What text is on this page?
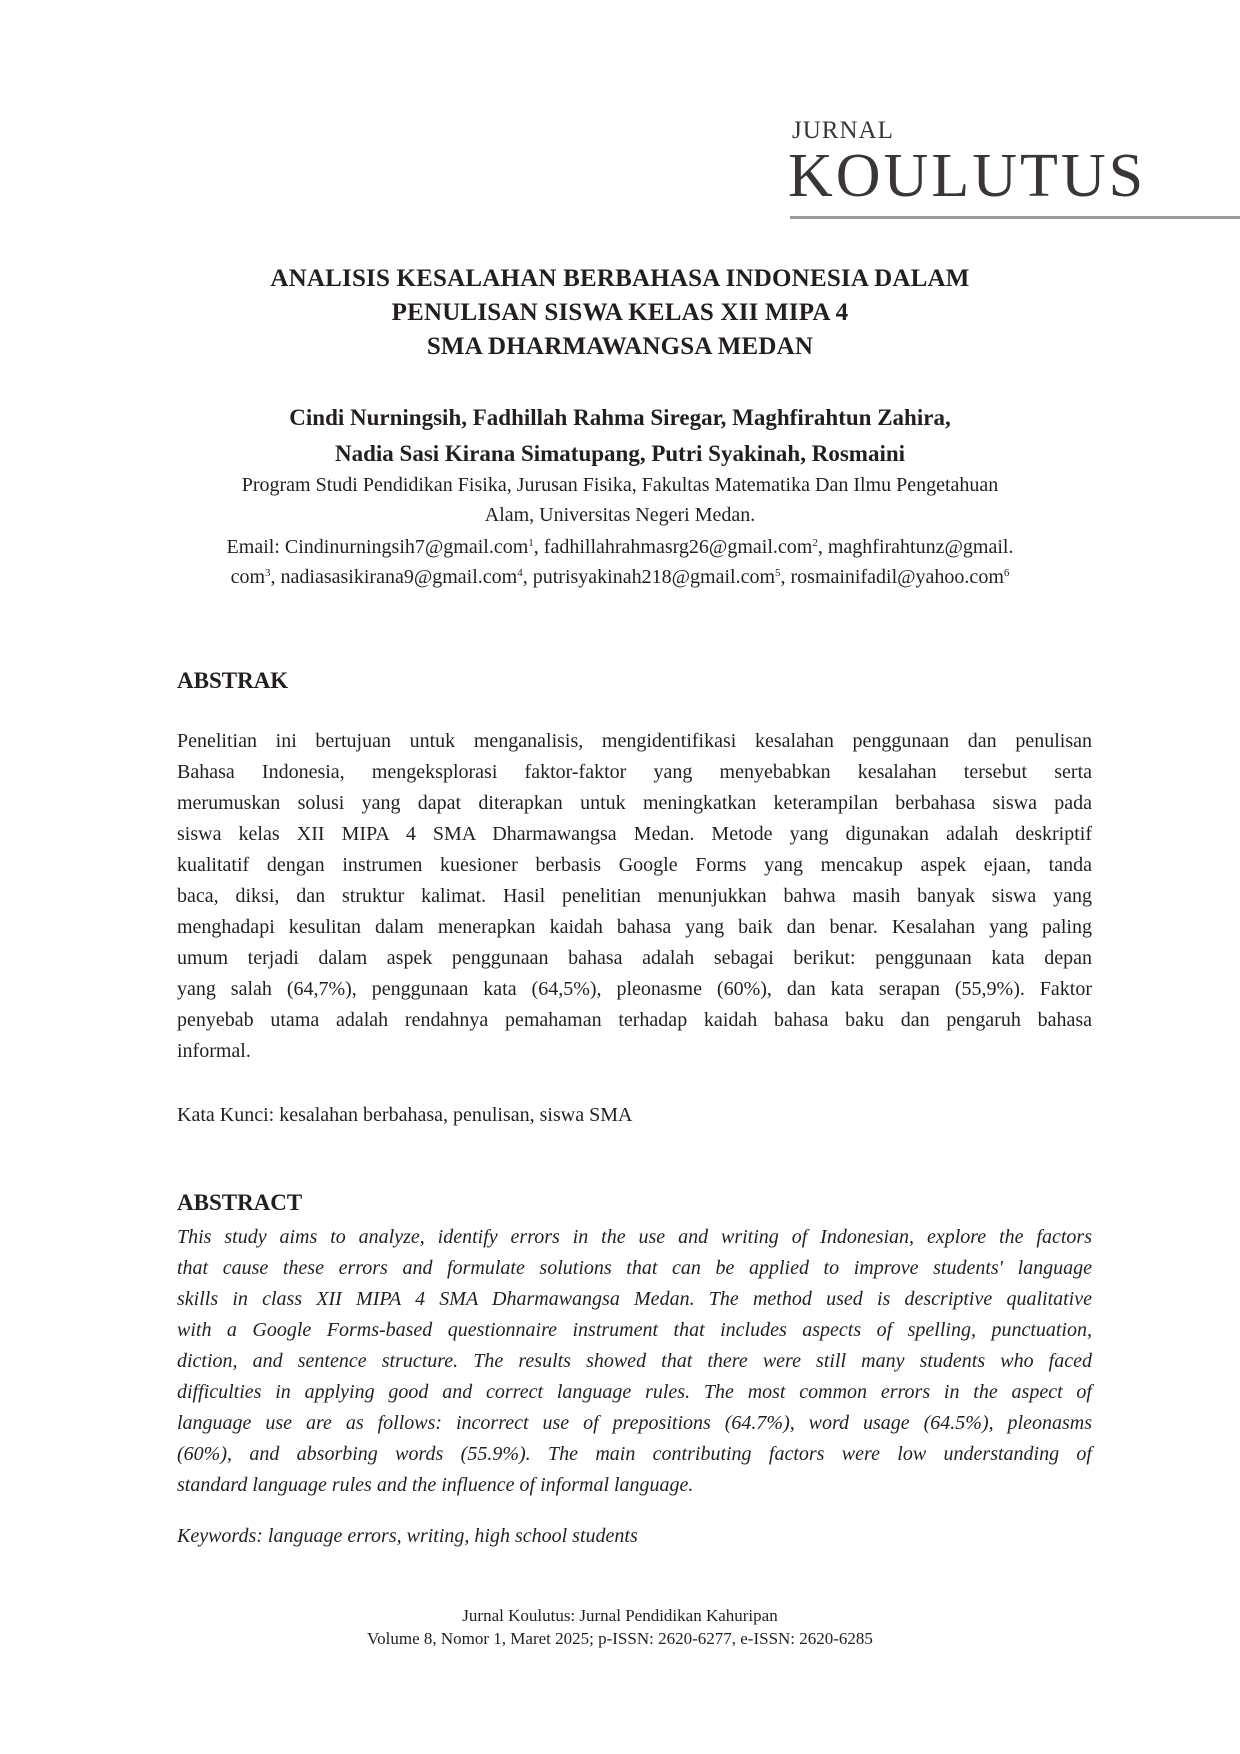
JURNAL
KOULUTUS
ANALISIS KESALAHAN BERBAHASA INDONESIA DALAM
PENULISAN SISWA KELAS XII MIPA 4
SMA DHARMAWANGSA MEDAN
Cindi Nurningsih, Fadhillah Rahma Siregar, Maghfirahtun Zahira,
Nadia Sasi Kirana Simatupang, Putri Syakinah, Rosmaini
Program Studi Pendidikan Fisika, Jurusan Fisika, Fakultas Matematika Dan Ilmu Pengetahuan
Alam, Universitas Negeri Medan.
Email: Cindinurningsih7@gmail.com$^1$, fadhillahrahmasrg26@gmail.com$^2$, maghfirahtunz@gmail.
com$^3$, nadiasasikirana9@gmail.com$^4$, putrisyakinah218@gmail.com$^5$, rosmainifadil@yahoo.com$^6$
ABSTRAK
Penelitian ini bertujuan untuk menganalisis, mengidentifikasi kesalahan penggunaan dan penulisan
Bahasa Indonesia, mengeksplorasi faktor-faktor yang menyebabkan kesalahan tersebut serta
merumuskan solusi yang dapat diterapkan untuk meningkatkan keterampilan berbahasa siswa pada
siswa kelas XII MIPA 4 SMA Dharmawangsa Medan. Metode yang digunakan adalah deskriptif
kualitatif dengan instrumen kuesioner berbasis Google Forms yang mencakup aspek ejaan, tanda
baca, diksi, dan struktur kalimat. Hasil penelitian menunjukkan bahwa masih banyak siswa yang
menghadapi kesulitan dalam menerapkan kaidah bahasa yang baik dan benar. Kesalahan yang paling
umum terjadi dalam aspek penggunaan bahasa adalah sebagai berikut: penggunaan kata depan
yang salah (64,7%), penggunaan kata (64,5%), pleonasme (60%), dan kata serapan (55,9%). Faktor
penyebab utama adalah rendahnya pemahaman terhadap kaidah bahasa baku dan pengaruh bahasa
informal.
Kata Kunci: kesalahan berbahasa, penulisan, siswa SMA
ABSTRACT
This study aims to analyze, identify errors in the use and writing of Indonesian, explore the factors
that cause these errors and formulate solutions that can be applied to improve students' language
skills in class XII MIPA 4 SMA Dharmawangsa Medan. The method used is descriptive qualitative
with a Google Forms-based questionnaire instrument that includes aspects of spelling, punctuation,
diction, and sentence structure. The results showed that there were still many students who faced
difficulties in applying good and correct language rules. The most common errors in the aspect of
language use are as follows: incorrect use of prepositions (64.7%), word usage (64.5%), pleonasms
(60%), and absorbing words (55.9%). The main contributing factors were low understanding of
standard language rules and the influence of informal language.
Keywords: language errors, writing, high school students
Jurnal Koulutus: Jurnal Pendidikan Kahuripan
Volume 8, Nomor 1, Maret 2025; p-ISSN: 2620-6277, e-ISSN: 2620-6285
